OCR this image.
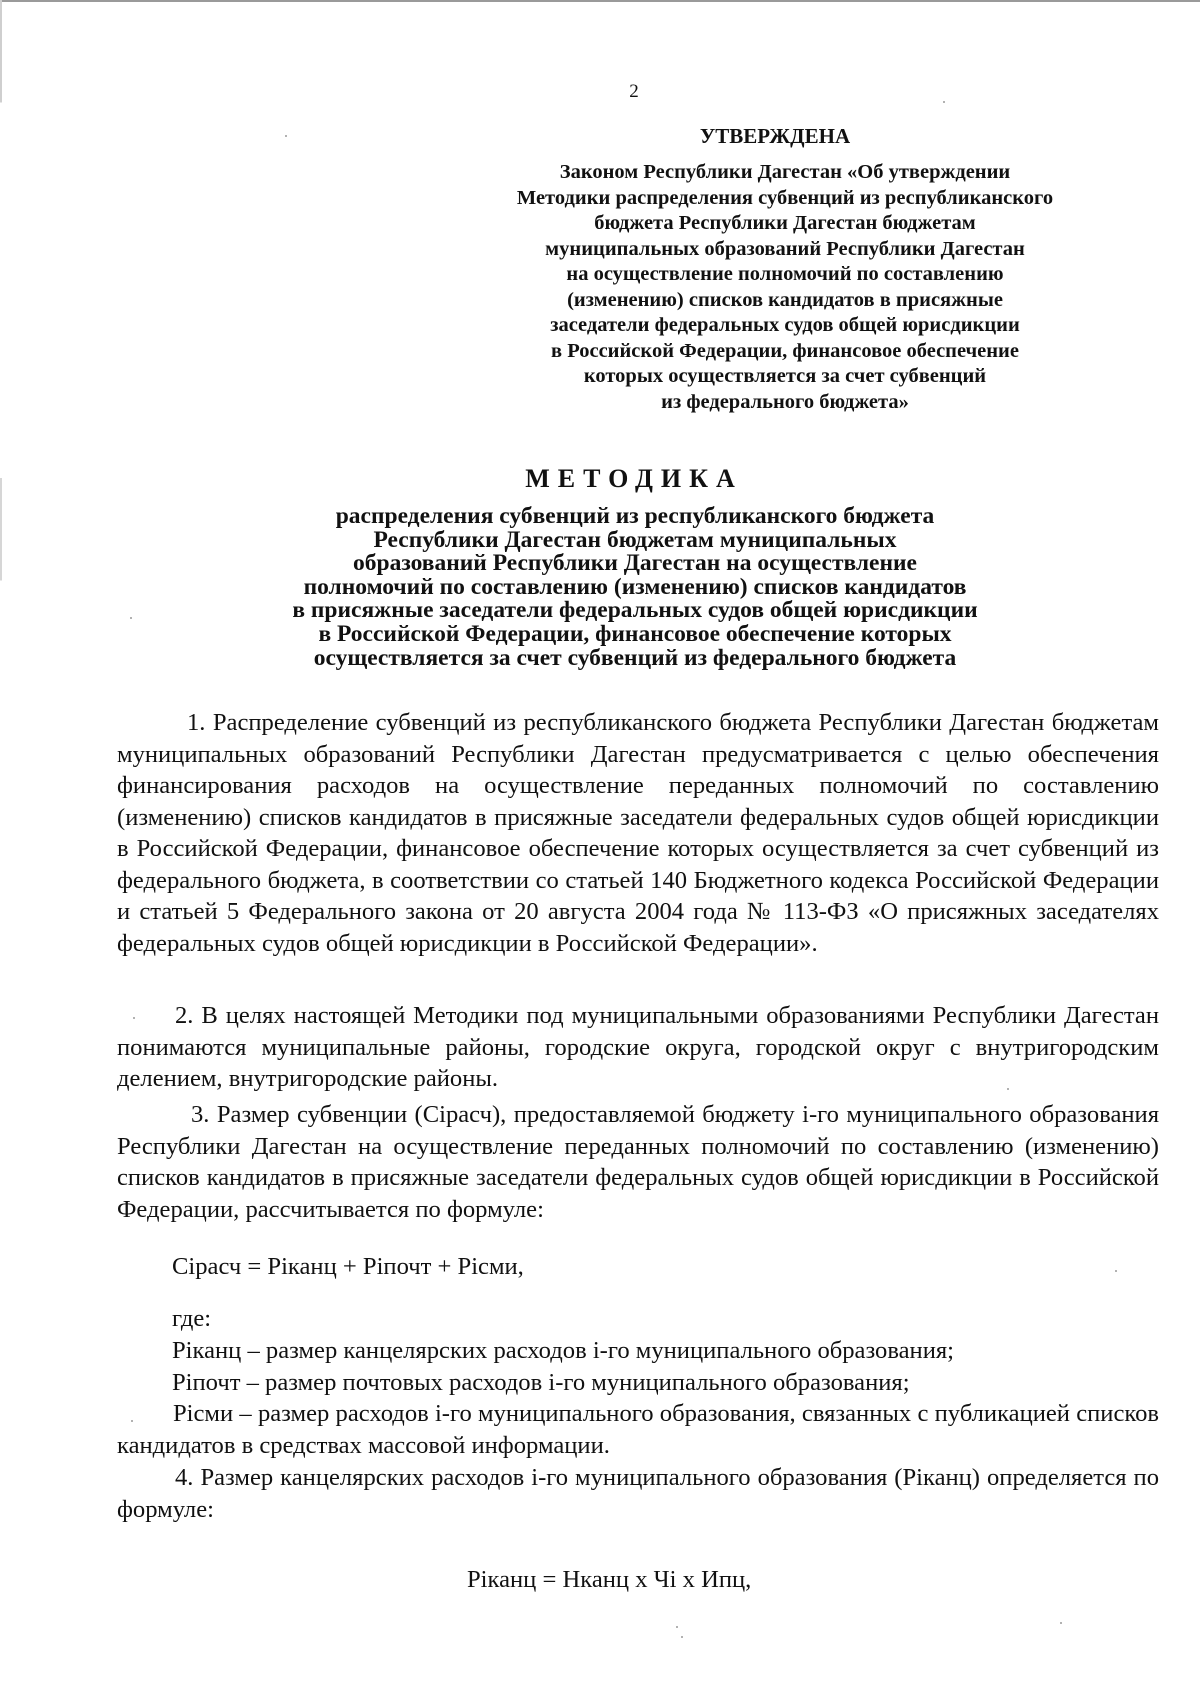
2
УТВЕРЖДЕНА
Законом Республики Дагестан «Об утверждении
Методики распределения субвенций из республиканского
бюджета Республики Дагестан бюджетам
муниципальных образований Республики Дагестан
на осуществление полномочий по составлению
(изменению) списков кандидатов в присяжные
заседатели федеральных судов общей юрисдикции
в Российской Федерации, финансовое обеспечение
которых осуществляется за счет субвенций
из федерального бюджета»
МЕТОДИКА
распределения субвенций из республиканского бюджета
Республики Дагестан бюджетам муниципальных
образований Республики Дагестан на осуществление
полномочий по составлению (изменению) списков кандидатов
в присяжные заседатели федеральных судов общей юрисдикции
в Российской Федерации, финансовое обеспечение которых
осуществляется за счет субвенций из федерального бюджета

1. Распределение субвенций из республиканского бюджета Республики Дагестан бюджетам муниципальных образований Республики Дагестан предусматривается с целью обеспечения финансирования расходов на осуществление переданных полномочий по составлению (изменению) списков кандидатов в присяжные заседатели федеральных судов общей юрисдикции в Российской Федерации, финансовое обеспечение которых осуществляется за счет субвенций из федерального бюджета, в соответствии со статьей 140 Бюджетного кодекса Российской Федерации и статьей 5 Федерального закона от 20 августа 2004 года № 113-ФЗ «О присяжных заседателях федеральных судов общей юрисдикции в Российской Федерации».

2. В целях настоящей Методики под муниципальными образованиями Республики Дагестан понимаются муниципальные районы, городские округа, городской округ с внутригородским делением, внутригородские районы.

3. Размер субвенции (Сiрасч), предоставляемой бюджету i-го муниципального образования Республики Дагестан на осуществление переданных полномочий по составлению (изменению) списков кандидатов в присяжные заседатели федеральных судов общей юрисдикции в Российской Федерации, рассчитывается по формуле:

Сiрасч = Рiканц + Рiпочт + Рiсми,
где:
Рiканц – размер канцелярских расходов i-го муниципального образования;
Рiпочт – размер почтовых расходов i-го муниципального образования;

Рiсми – размер расходов i-го муниципального образования, связанных с публикацией списков кандидатов в средствах массовой информации.

4. Размер канцелярских расходов i-го муниципального образования (Рiканц) определяется по формуле:

Рiканц = Нканц х Чi х Ипц,
